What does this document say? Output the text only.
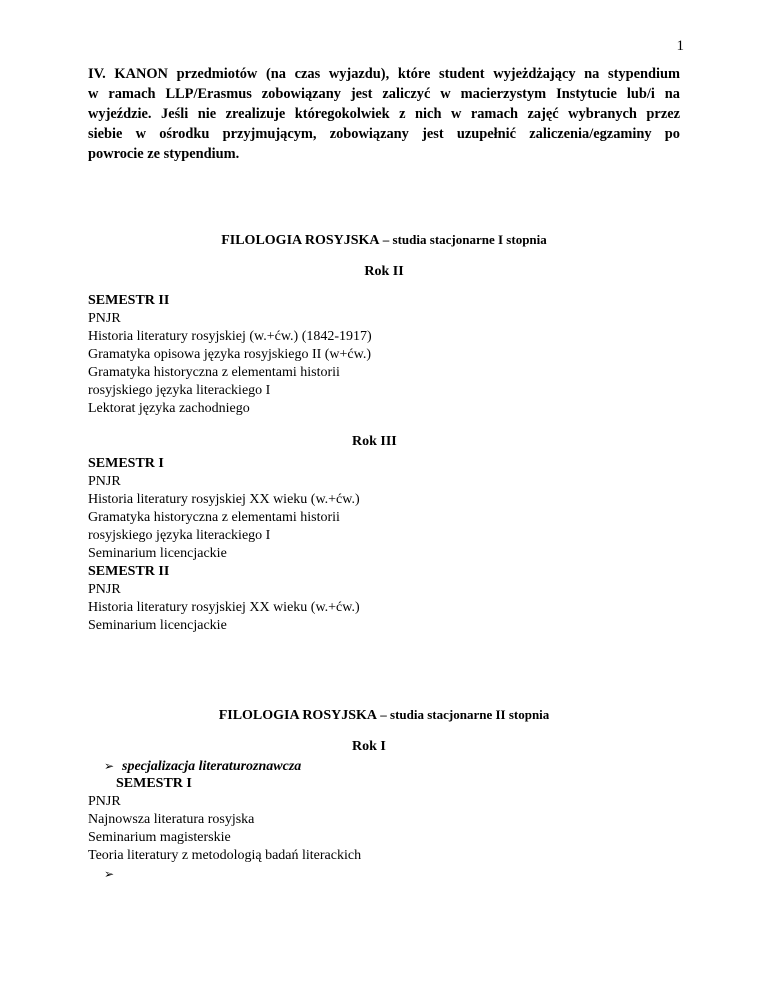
1
IV. KANON przedmiotów (na czas wyjazdu), które student wyjeżdżający na stypendium
w ramach LLP/Erasmus zobowiązany jest zaliczyć w macierzystym Instytucie lub/i na
wyjeździe. Jeśli nie zrealizuje któregokolwiek z nich w ramach zajęć wybranych przez
siebie w ośrodku przyjmującym, zobowiązany jest uzupełnić zaliczenia/egzaminy po
powrocie ze stypendium.
FILOLOGIA ROSYJSKA – studia stacjonarne I stopnia
Rok II
SEMESTR II
PNJR
Historia literatury rosyjskiej (w.+ćw.) (1842-1917)
Gramatyka opisowa języka rosyjskiego II (w+ćw.)
Gramatyka historyczna z elementami historii
rosyjskiego języka literackiego I
Lektorat języka zachodniego
Rok III
SEMESTR I
PNJR
Historia literatury rosyjskiej XX wieku (w.+ćw.)
Gramatyka historyczna z elementami historii
rosyjskiego języka literackiego I
Seminarium licencjackie
SEMESTR II
PNJR
Historia literatury rosyjskiej XX wieku (w.+ćw.)
Seminarium licencjackie
FILOLOGIA ROSYJSKA – studia stacjonarne II stopnia
Rok I
➢ specjalizacja literaturoznawcza
SEMESTR I
PNJR
Najnowsza literatura rosyjska
Seminarium magisterskie
Teoria literatury z metodologią badań literackich
➢
